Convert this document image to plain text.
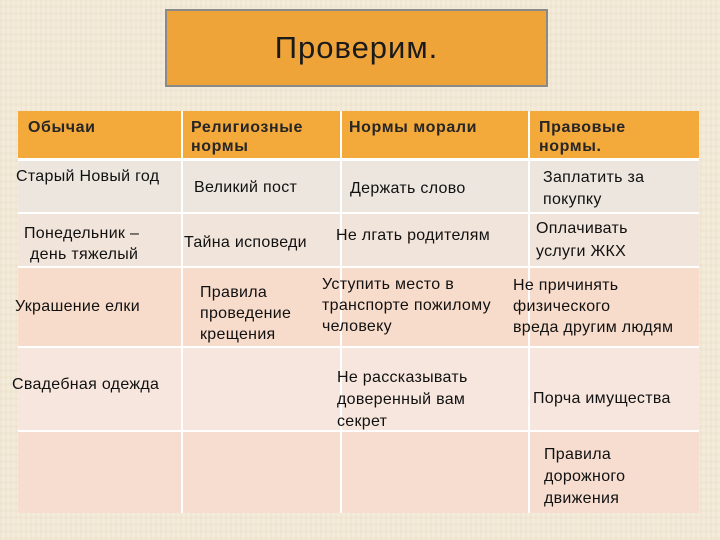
Проверим.
Обычаи	Религиозные
нормы
Нормы морали	Правовые
нормы.
Старый Новый год
Понедельник –
день тяжелый
Украшение елки
Свадебная одежда
Великий пост
Тайна исповеди
Правила
проведение
крещения
Держать слово
Не лгать родителям
Уступить место в
транспорте пожилому
человеку
Не рассказывать
доверенный вам
секрет
Заплатить за
покупку
Оплачивать
услуги ЖКХ
Не причинять
физического
вреда другим людям
Порча имущества
Правила
дорожного
движения
